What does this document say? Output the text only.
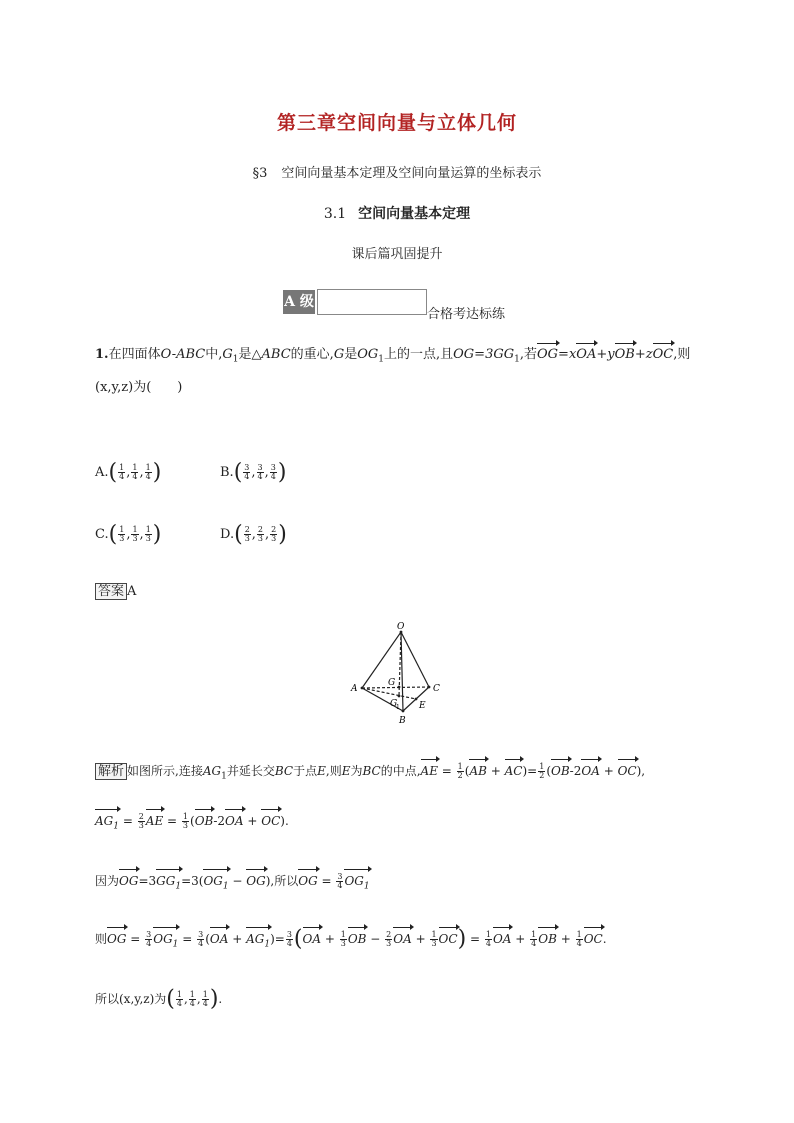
第三章空间向量与立体几何
§3 空间向量基本定理及空间向量运算的坐标表示
3.1 空间向量基本定理
课后篇巩固提升
A 级
合格考达标练
1.在四面体O-ABC中$,G_1$是△ABC的重心,G是$OG_1$上的一点,且$OG=3GG_1$,若OG=xOA+yOB+zOC,则
(x,y,z)为( )
$A.( \frac{1}{4}$ , $\frac{1}{4}$ , $\frac{1}{4}$ )	$B.( \frac{3}{4}$ , $\frac{3}{4}$ , $\frac{3}{4}$ )
$C.( \frac{1}{3}$ , $\frac{1}{3}$ , $\frac{1}{3}$ )	$D.( \frac{2}{3}$ , $\frac{2}{3}$ , $\frac{2}{3}$ )
答案 A
O
A	C
G
G
1
B
E
解析 如图所示,连接$AG_1$并延长交BC于点E,则E为BC的中点$,AE = \frac{1}{2} (AB + AC)= \frac{1}{2} (OB-2OA + OC)$,
$AG_1 = \frac{2}{3}$ AE = $\frac{1}{3} (OB-2OA + OC)$.
因为$OG=3GG_1=3(OG_1 - OG)$,所以OG = $\frac{3}{4} OG_1$
则OG = $\frac{3}{4} OG_1 = \frac{3}{4} (OA + AG_1)= \frac{3}{4} (OA + \frac{1}{3}$ OB − $\frac{2}{3}$ OA + $\frac{1}{3} OC) = \frac{1}{4}$ OA + $\frac{1}{4}$ OB + $\frac{1}{4}$ OC.
所以(x,y,z)为( $\frac{1}{4}$ , $\frac{1}{4}$ , $\frac{1}{4}$ ).
